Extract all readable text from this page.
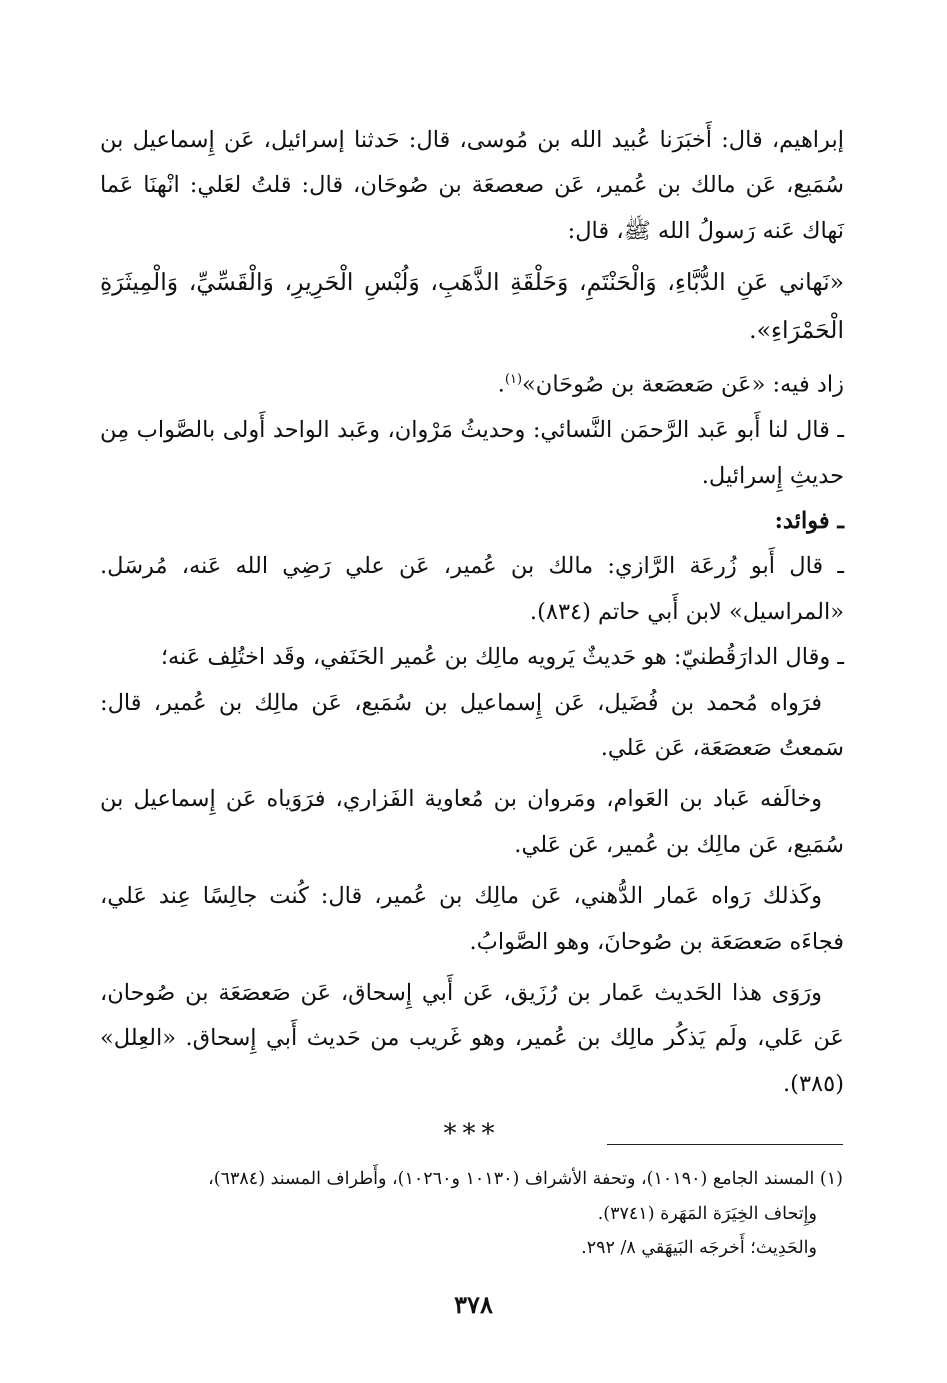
إبراهيم، قال: أَخبَرَنا عُبيد الله بن مُوسى، قال: حَدثنا إسرائيل، عَن إِسماعيل بن سُمَيع، عَن مالك بن عُمير، عَن صعصعَة بن صُوحَان، قال: قلتُ لعَلي: انْهنَا عَما نَهاك عَنه رَسولُ الله ﷺ، قال:

«نَهاني عَنِ الدُّبَّاءِ، وَالْحَنْتَمِ، وَحَلْقَةِ الذَّهَبِ، وَلُبْسِ الْحَرِيرِ، وَالْقَسِّيِّ، وَالْمِيثَرَةِ الْحَمْرَاءِ».

زاد فيه: «عَن صَعصَعة بن صُوحَان»$^{(١)}$.

ـ قال لنا أَبو عَبد الرَّحمَن النَّسائي: وحديثُ مَرْوان، وعَبد الواحد أَولى بالصَّواب مِن حديثِ إِسرائيل.

ـ فوائد:

ـ قال أَبو زُرعَة الرَّازي: مالك بن عُمير، عَن علي رَضِي الله عَنه، مُرسَل. «المراسيل» لابن أَبي حاتم (٨٣٤).

ـ وقال الدارَقُطنيّ: هو حَديثٌ يَرويه مالِك بن عُمير الحَنَفي، وقَد اختُلِف عَنه؛

فرَواه مُحمد بن فُضَيل، عَن إِسماعيل بن سُمَيع، عَن مالِك بن عُمير، قال: سَمعتُ صَعصَعَة، عَن عَلي.

وخالَفه عَباد بن العَوام، ومَروان بن مُعاوية الفَزاري، فرَوَياه عَن إِسماعيل بن سُمَيع، عَن مالِك بن عُمير، عَن عَلي.

وكَذلك رَواه عَمار الدُّهني، عَن مالِك بن عُمير، قال: كُنت جالِسًا عِند عَلي، فجاءَه صَعصَعَة بن صُوحانَ، وهو الصَّوابُ.

ورَوَى هذا الحَديث عَمار بن رُزَيق، عَن أَبي إِسحاق، عَن صَعصَعَة بن صُوحان، عَن عَلي، ولَم يَذكُر مالِك بن عُمير، وهو غَريب من حَديث أَبي إِسحاق. «العِلل» (٣٨٥).

***

(١) المسند الجامع (١٠١٩٠)، وتحفة الأشراف (١٠١٣٠ و١٠٢٦٠)، وأَطراف المسند (٦٣٨٤)،

وإِتحاف الخِيَرَة المَهَرة (٣٧٤١).

والحَدِيث؛ أَخرجَه البَيهَقي ٨/ ٢٩٢.

٣٧٨
